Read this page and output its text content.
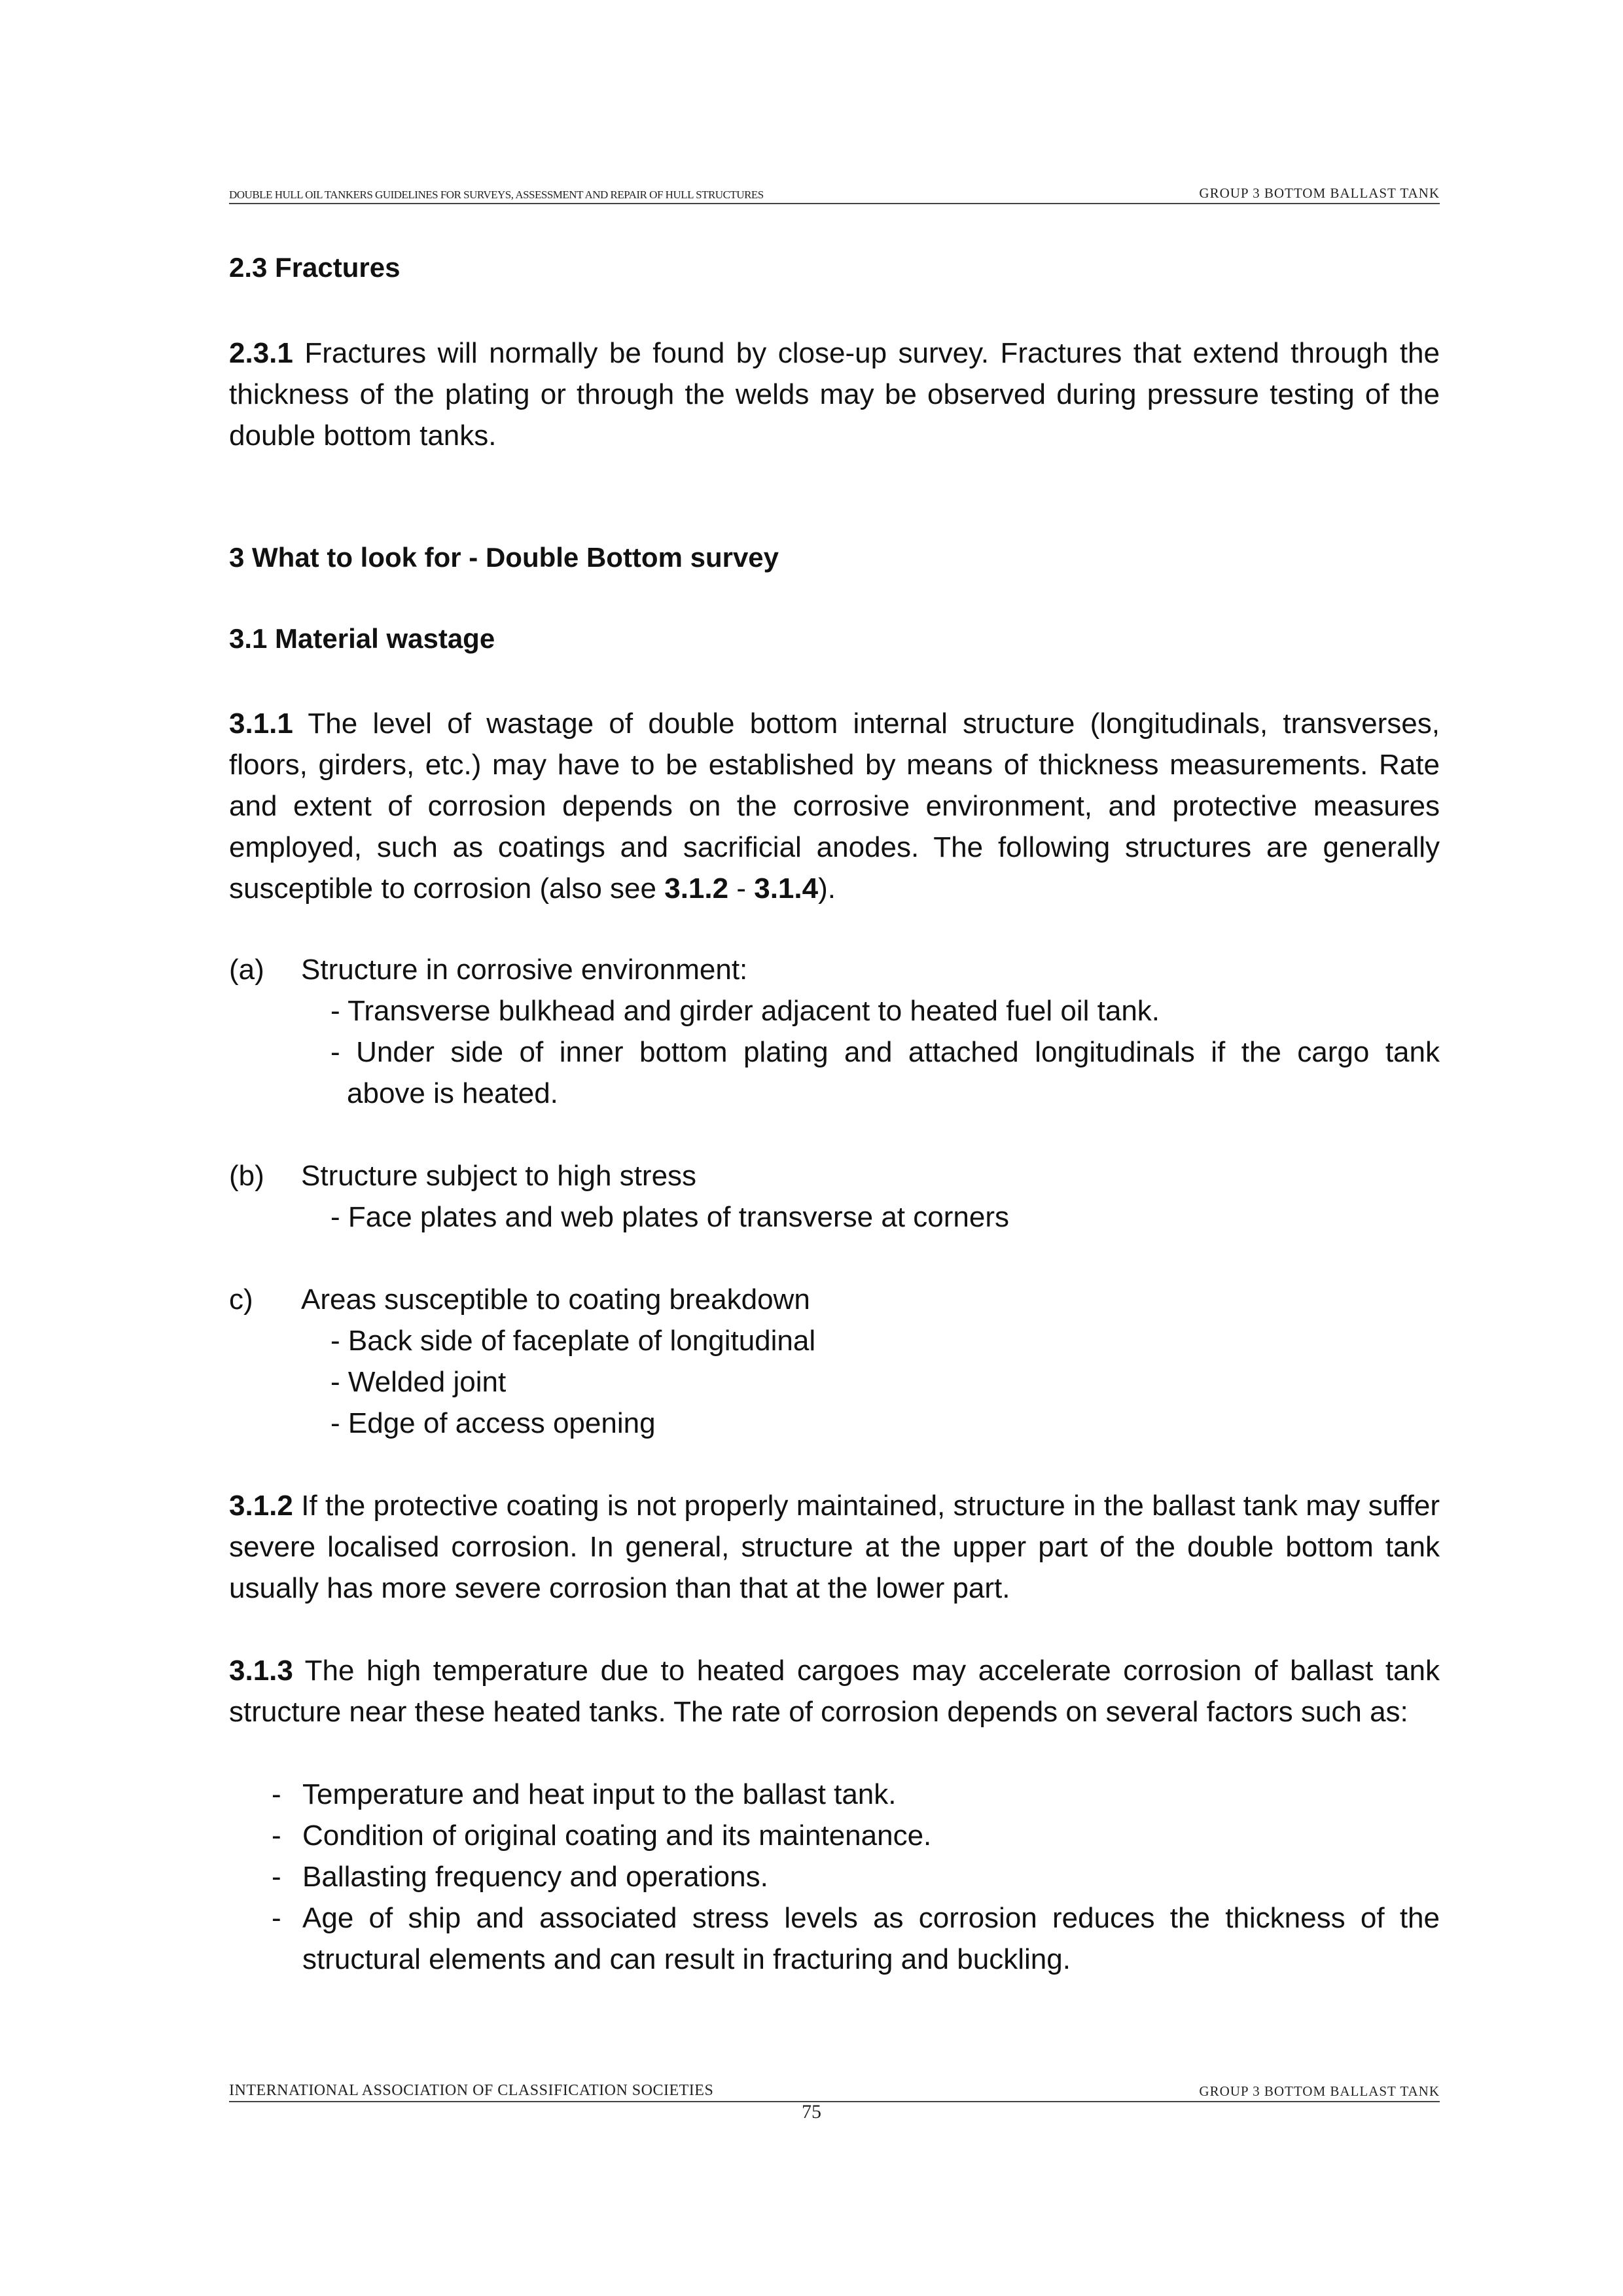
DOUBLE HULL OIL TANKERS GUIDELINES FOR SURVEYS, ASSESSMENT AND REPAIR OF HULL STRUCTURES	GROUP 3 BOTTOM BALLAST TANK
2.3 Fractures
2.3.1 Fractures will normally be found by close-up survey. Fractures that extend through the thickness of the plating or through the welds may be observed during pressure testing of the double bottom tanks.
3 What to look for - Double Bottom survey
3.1 Material wastage
3.1.1 The level of wastage of double bottom internal structure (longitudinals, transverses, floors, girders, etc.) may have to be established by means of thickness measurements. Rate and extent of corrosion depends on the corrosive environment, and protective measures employed, such as coatings and sacrificial anodes. The following structures are generally susceptible to corrosion (also see 3.1.2 - 3.1.4).
(a) Structure in corrosive environment:
- Transverse bulkhead and girder adjacent to heated fuel oil tank.
- Under side of inner bottom plating and attached longitudinals if the cargo tank
above is heated.
(b) Structure subject to high stress
- Face plates and web plates of transverse at corners
c) Areas susceptible to coating breakdown
- Back side of faceplate of longitudinal
- Welded joint
- Edge of access opening
3.1.2 If the protective coating is not properly maintained, structure in the ballast tank may suffer severe localised corrosion. In general, structure at the upper part of the double bottom tank usually has more severe corrosion than that at the lower part.
3.1.3 The high temperature due to heated cargoes may accelerate corrosion of ballast tank structure near these heated tanks. The rate of corrosion depends on several factors such as:
- Temperature and heat input to the ballast tank.
- Condition of original coating and its maintenance.
- Ballasting frequency and operations.
- Age of ship and associated stress levels as corrosion reduces the thickness of the
structural elements and can result in fracturing and buckling.
INTERNATIONAL ASSOCIATION OF CLASSIFICATION SOCIETIES	GROUP 3 BOTTOM BALLAST TANK
75
